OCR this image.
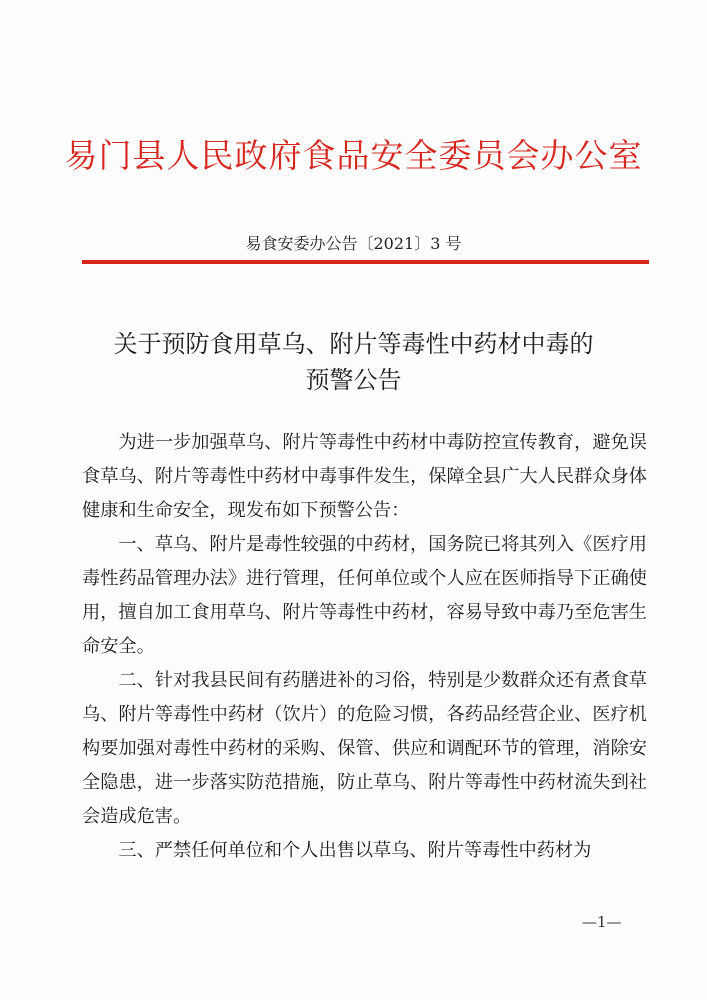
易门县人民政府食品安全委员会办公室
易食安委办公告〔2021〕3 号
关于预防食用草乌、附片等毒性中药材中毒的
预警公告

为进一步加强草乌、附片等毒性中药材中毒防控宣传教育，避免误食草乌、附片等毒性中药材中毒事件发生，保障全县广大人民群众身体健康和生命安全，现发布如下预警公告：

一、草乌、附片是毒性较强的中药材，国务院已将其列入《医疗用毒性药品管理办法》进行管理，任何单位或个人应在医师指导下正确使用，擅自加工食用草乌、附片等毒性中药材，容易导致中毒乃至危害生命安全。

二、针对我县民间有药膳进补的习俗，特别是少数群众还有煮食草乌、附片等毒性中药材（饮片）的危险习惯，各药品经营企业、医疗机构要加强对毒性中药材的采购、保管、供应和调配环节的管理，消除安全隐患，进一步落实防范措施，防止草乌、附片等毒性中药材流失到社会造成危害。

三、严禁任何单位和个人出售以草乌、附片等毒性中药材为

—1—
